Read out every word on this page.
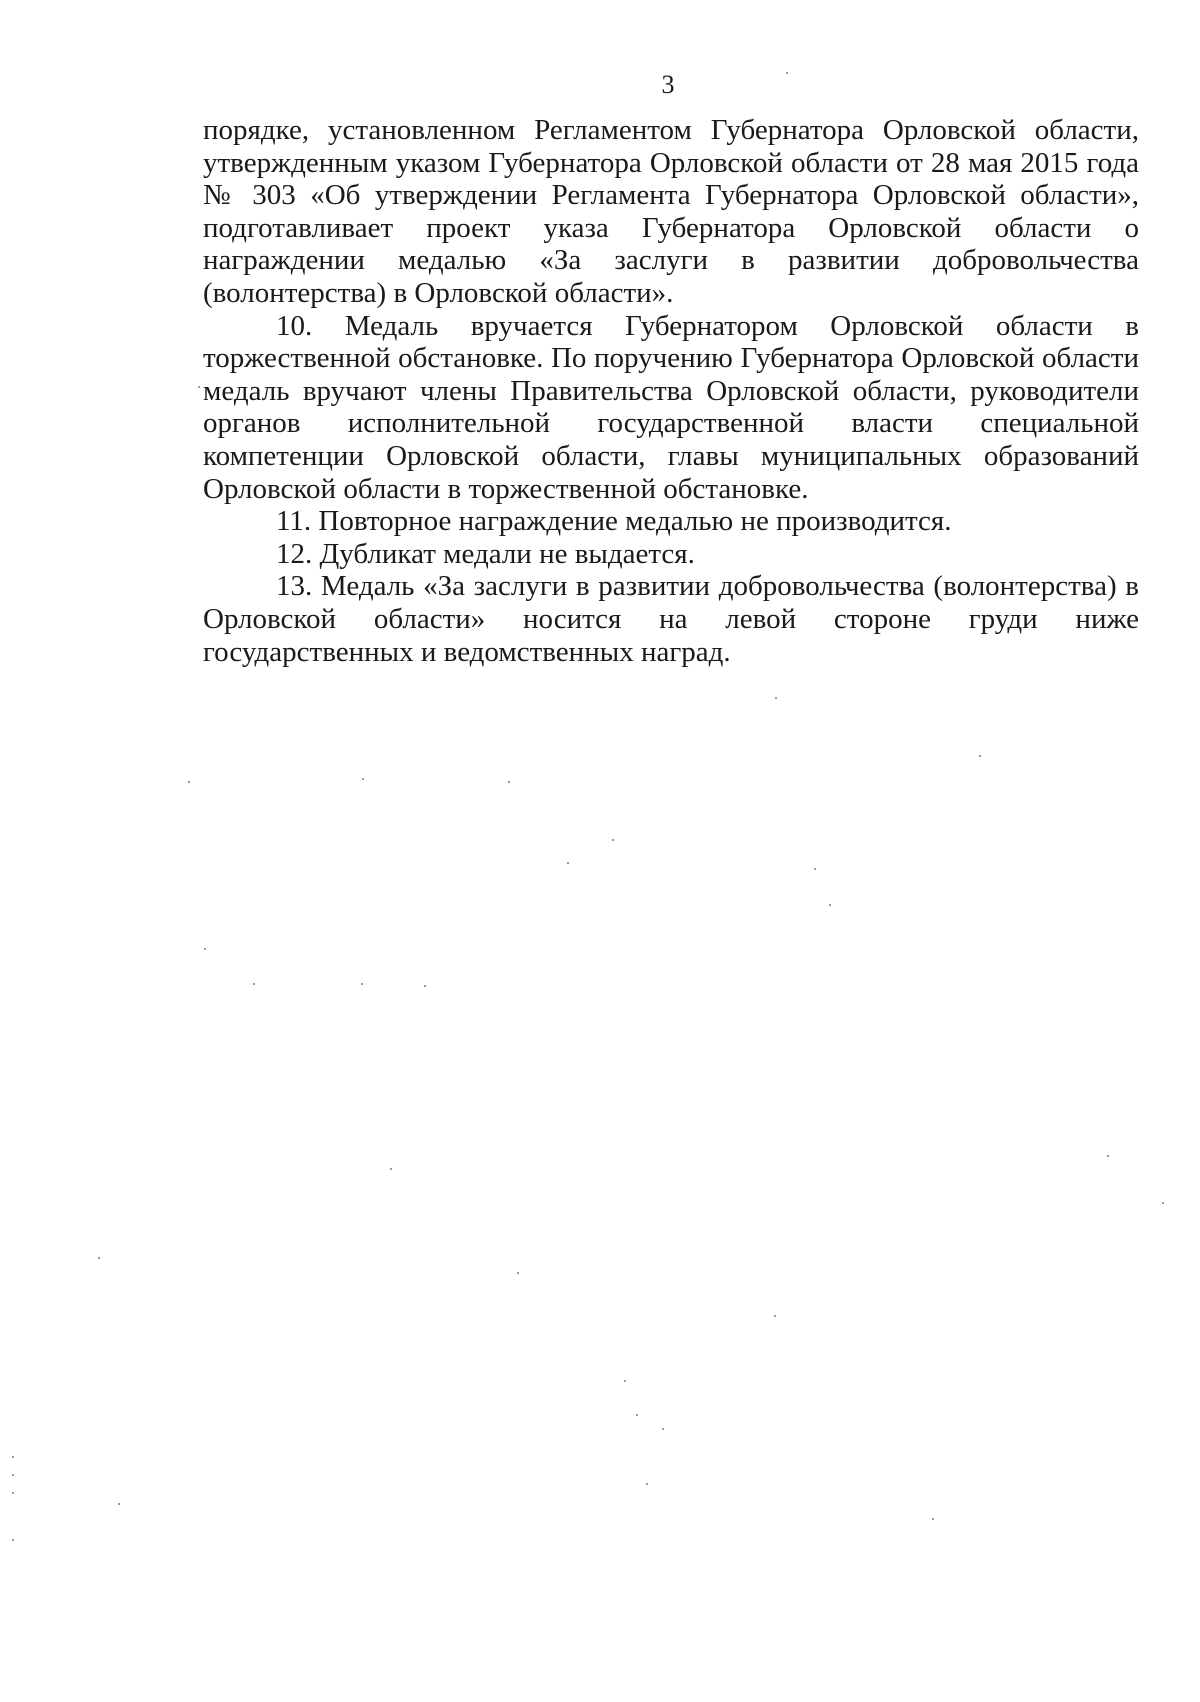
3

порядке, установленном Регламентом Губернатора Орловской области, утвержденным указом Губернатора Орловской области от 28 мая 2015 года № 303 «Об утверждении Регламента Губернатора Орловской области», подготавливает проект указа Губернатора Орловской области о награждении медалью «За заслуги в развитии добровольчества (волонтерства) в Орловской области».

10. Медаль вручается Губернатором Орловской области в торжественной обстановке. По поручению Губернатора Орловской области медаль вручают члены Правительства Орловской области, руководители органов исполнительной государственной власти специальной компетенции Орловской области, главы муниципальных образований Орловской области в торжественной обстановке.

11. Повторное награждение медалью не производится.

12. Дубликат медали не выдается.

13. Медаль «За заслуги в развитии добровольчества (волонтерства) в Орловской области» носится на левой стороне груди ниже государственных и ведомственных наград.
